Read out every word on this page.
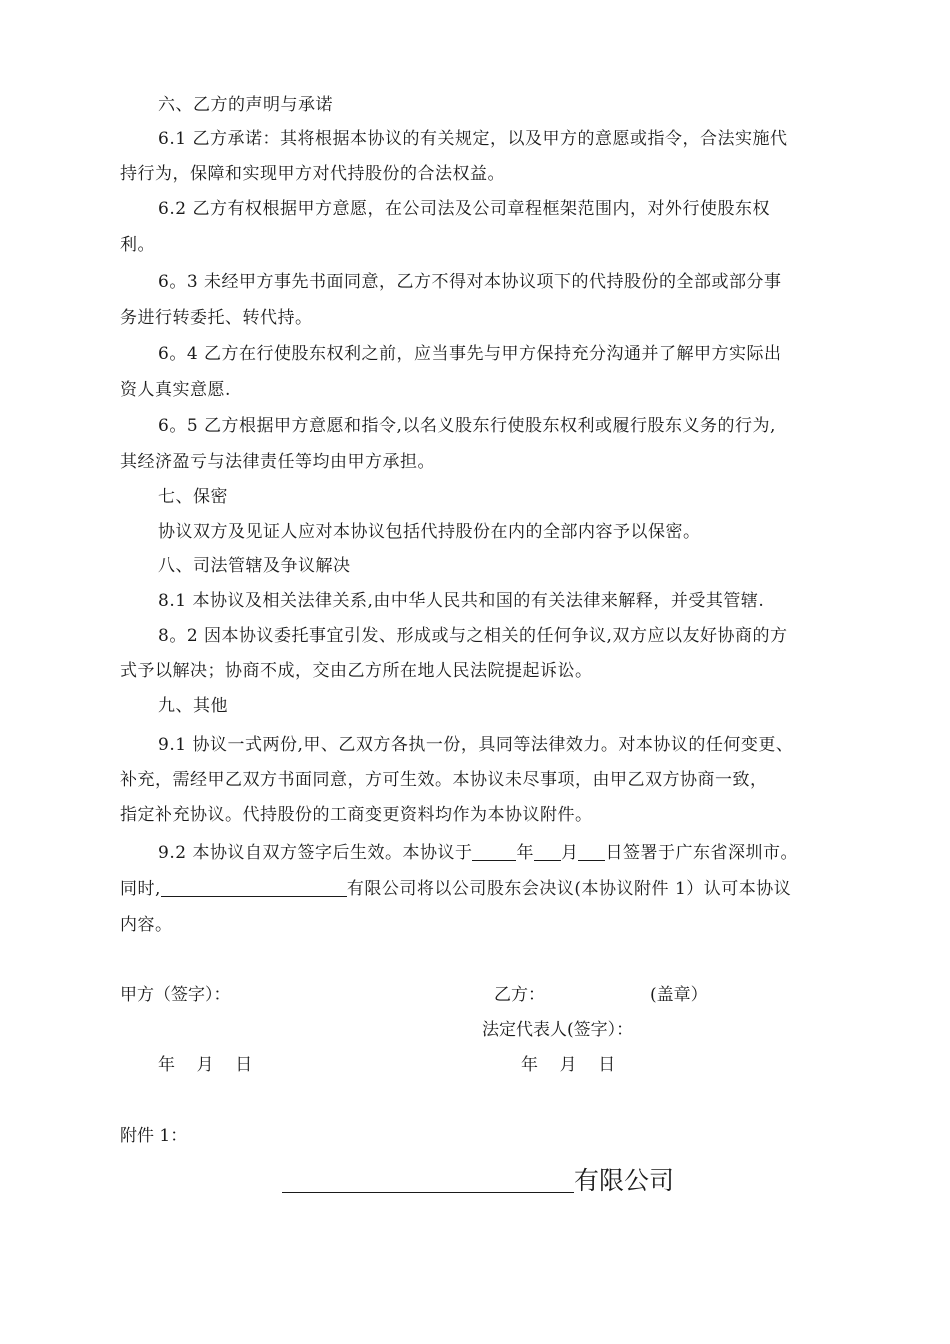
六、乙方的声明与承诺
6.1 乙方承诺：其将根据本协议的有关规定，以及甲方的意愿或指令，合法实施代
持行为，保障和实现甲方对代持股份的合法权益。
6.2 乙方有权根据甲方意愿，在公司法及公司章程框架范围内，对外行使股东权
利。
6。3 未经甲方事先书面同意，乙方不得对本协议项下的代持股份的全部或部分事
务进行转委托、转代持。
6。4 乙方在行使股东权利之前，应当事先与甲方保持充分沟通并了解甲方实际出
资人真实意愿.
6。5 乙方根据甲方意愿和指令,以名义股东行使股东权利或履行股东义务的行为,
其经济盈亏与法律责任等均由甲方承担。
七、保密
协议双方及见证人应对本协议包括代持股份在内的全部内容予以保密。
八、司法管辖及争议解决
8.1 本协议及相关法律关系,由中华人民共和国的有关法律来解释，并受其管辖.
8。2 因本协议委托事宜引发、形成或与之相关的任何争议,双方应以友好协商的方
式予以解决；协商不成，交由乙方所在地人民法院提起诉讼。
九、其他
9.1 协议一式两份,甲、乙双方各执一份，具同等法律效力。对本协议的任何变更、
补充，需经甲乙双方书面同意，方可生效。本协议未尽事项，由甲乙双方协商一致，
指定补充协议。代持股份的工商变更资料均作为本协议附件。
9.2 本协议自双方签字后生效。本协议于	年 月 日签署于广东省深圳市。
同时,	有限公司将以公司股东会决议(本协议附件 1）认可本协议
内容。
甲方（签字）：	乙方：	(盖章）
法定代表人(签字）：
年    月    日	年    月    日
附件 1：
有限公司
